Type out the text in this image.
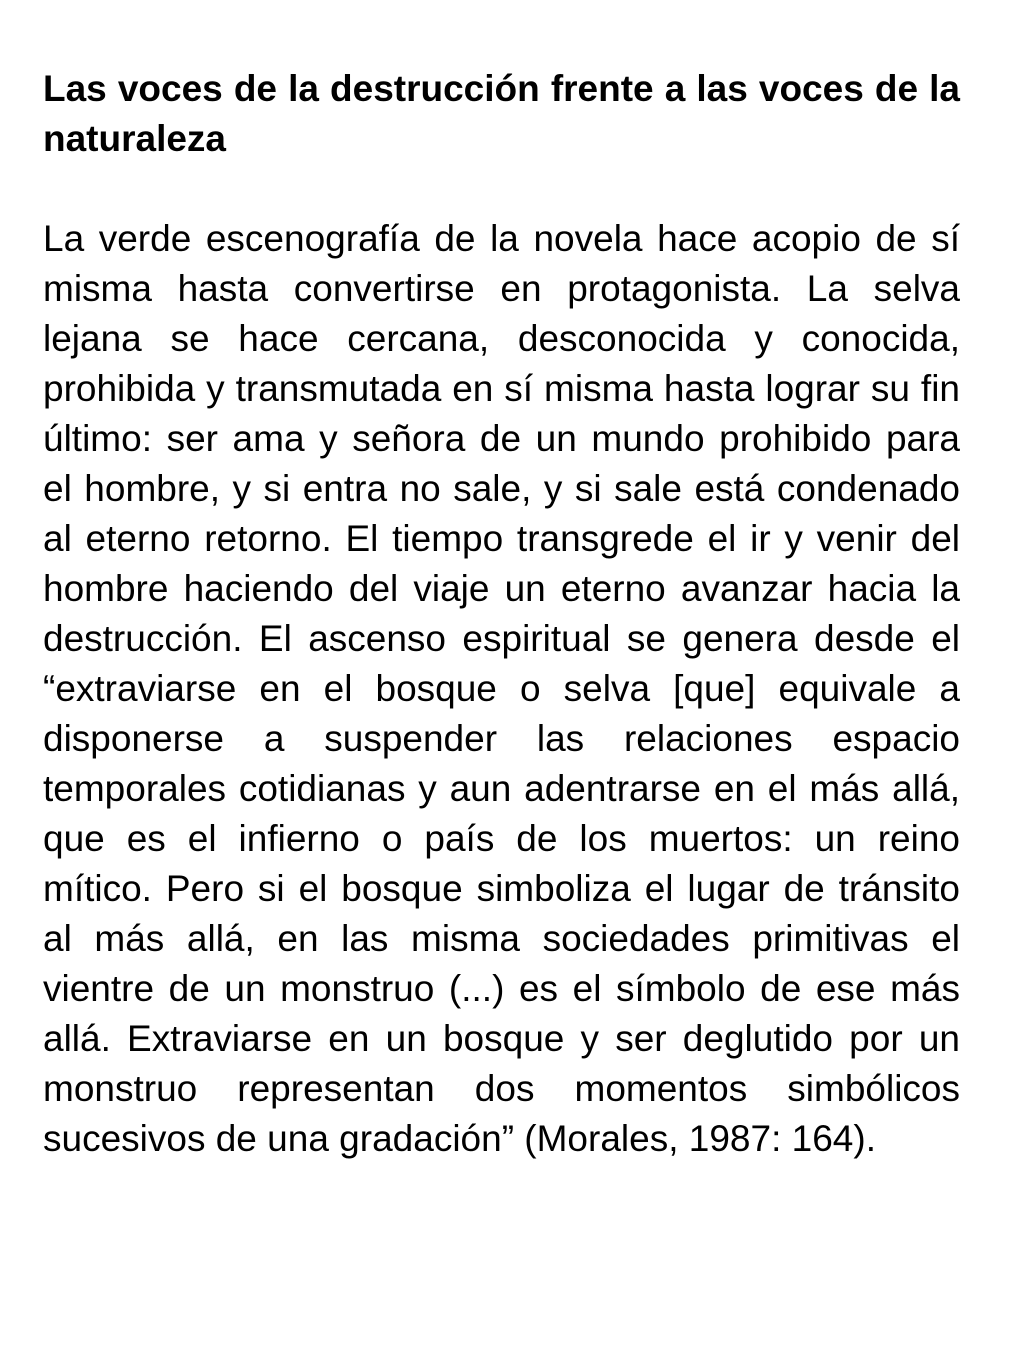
Las voces de la destrucción frente a las voces de la naturaleza

La verde escenografía de la novela hace acopio de sí misma hasta convertirse en protagonista. La selva lejana se hace cercana, desconocida y conocida, prohibida y transmutada en sí misma hasta lograr su fin último: ser ama y señora de un mundo prohibido para el hombre, y si entra no sale, y si sale está condenado al eterno retorno. El tiempo transgrede el ir y venir del hombre haciendo del viaje un eterno avanzar hacia la destrucción. El ascenso espiritual se genera desde el “extraviarse en el bosque o selva [que] equivale a disponerse a suspender las relaciones espacio temporales cotidianas y aun adentrarse en el más allá, que es el infierno o país de los muertos: un reino mítico. Pero si el bosque simboliza el lugar de tránsito al más allá, en las misma sociedades primitivas el vientre de un monstruo (...) es el símbolo de ese más allá. Extraviarse en un bosque y ser deglutido por un monstruo representan dos momentos simbólicos sucesivos de una gradación” (Morales, 1987: 164).
